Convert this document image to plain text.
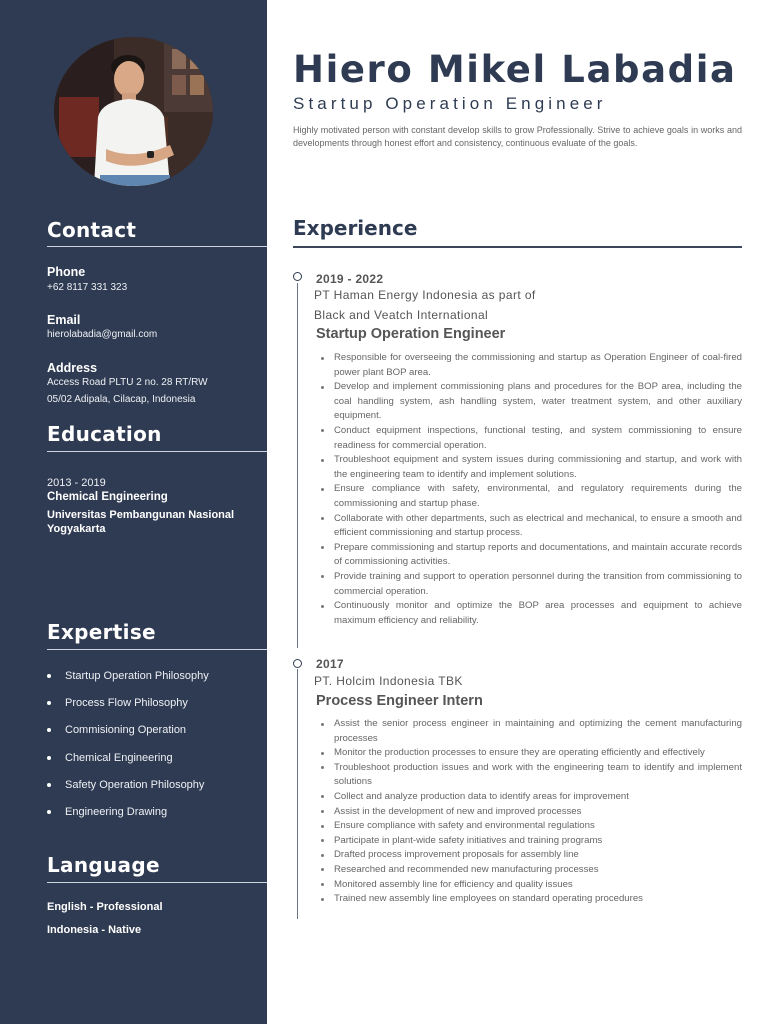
Contact
Phone
+62 8117 331 323
Email
hierolabadia@gmail.com
Address
Access Road PLTU 2 no. 28 RT/RW
05/02 Adipala, Cilacap, Indonesia
Education
2013 - 2019
Chemical Engineering
Universitas Pembangunan Nasional
Yogyakarta
Expertise
Startup Operation Philosophy
Process Flow Philosophy
Commisioning Operation
Chemical Engineering
Safety Operation Philosophy
Engineering Drawing
Language
English - Professional
Indonesia - Native
Hiero Mikel Labadia
Startup Operation Engineer

Highly motivated person with constant develop skills to grow Professionally. Strive to achieve goals in works and developments through honest effort and consistency, continuous evaluate of the goals.

Experience
2019 - 2022
PT Haman Energy Indonesia as part of
Black and Veatch International
Startup Operation Engineer
Responsible for overseeing the commissioning and startup as Operation Engineer of coal-fired power plant BOP area.
Develop and implement commissioning plans and procedures for the BOP area, including the coal handling system, ash handling system, water treatment system, and other auxiliary equipment.
Conduct equipment inspections, functional testing, and system commissioning to ensure readiness for commercial operation.
Troubleshoot equipment and system issues during commissioning and startup, and work with the engineering team to identify and implement solutions.
Ensure compliance with safety, environmental, and regulatory requirements during the commissioning and startup phase.
Collaborate with other departments, such as electrical and mechanical, to ensure a smooth and efficient commissioning and startup process.
Prepare commissioning and startup reports and documentations, and maintain accurate records of commissioning activities.
Provide training and support to operation personnel during the transition from commissioning to commercial operation.
Continuously monitor and optimize the BOP area processes and equipment to achieve maximum efficiency and reliability.
2017
PT. Holcim Indonesia TBK
Process Engineer Intern
Assist the senior process engineer in maintaining and optimizing the cement manufacturing processes
Monitor the production processes to ensure they are operating efficiently and effectively
Troubleshoot production issues and work with the engineering team to identify and implement solutions
Collect and analyze production data to identify areas for improvement
Assist in the development of new and improved processes
Ensure compliance with safety and environmental regulations
Participate in plant-wide safety initiatives and training programs
Drafted process improvement proposals for assembly line
Researched and recommended new manufacturing processes
Monitored assembly line for efficiency and quality issues
Trained new assembly line employees on standard operating procedures
